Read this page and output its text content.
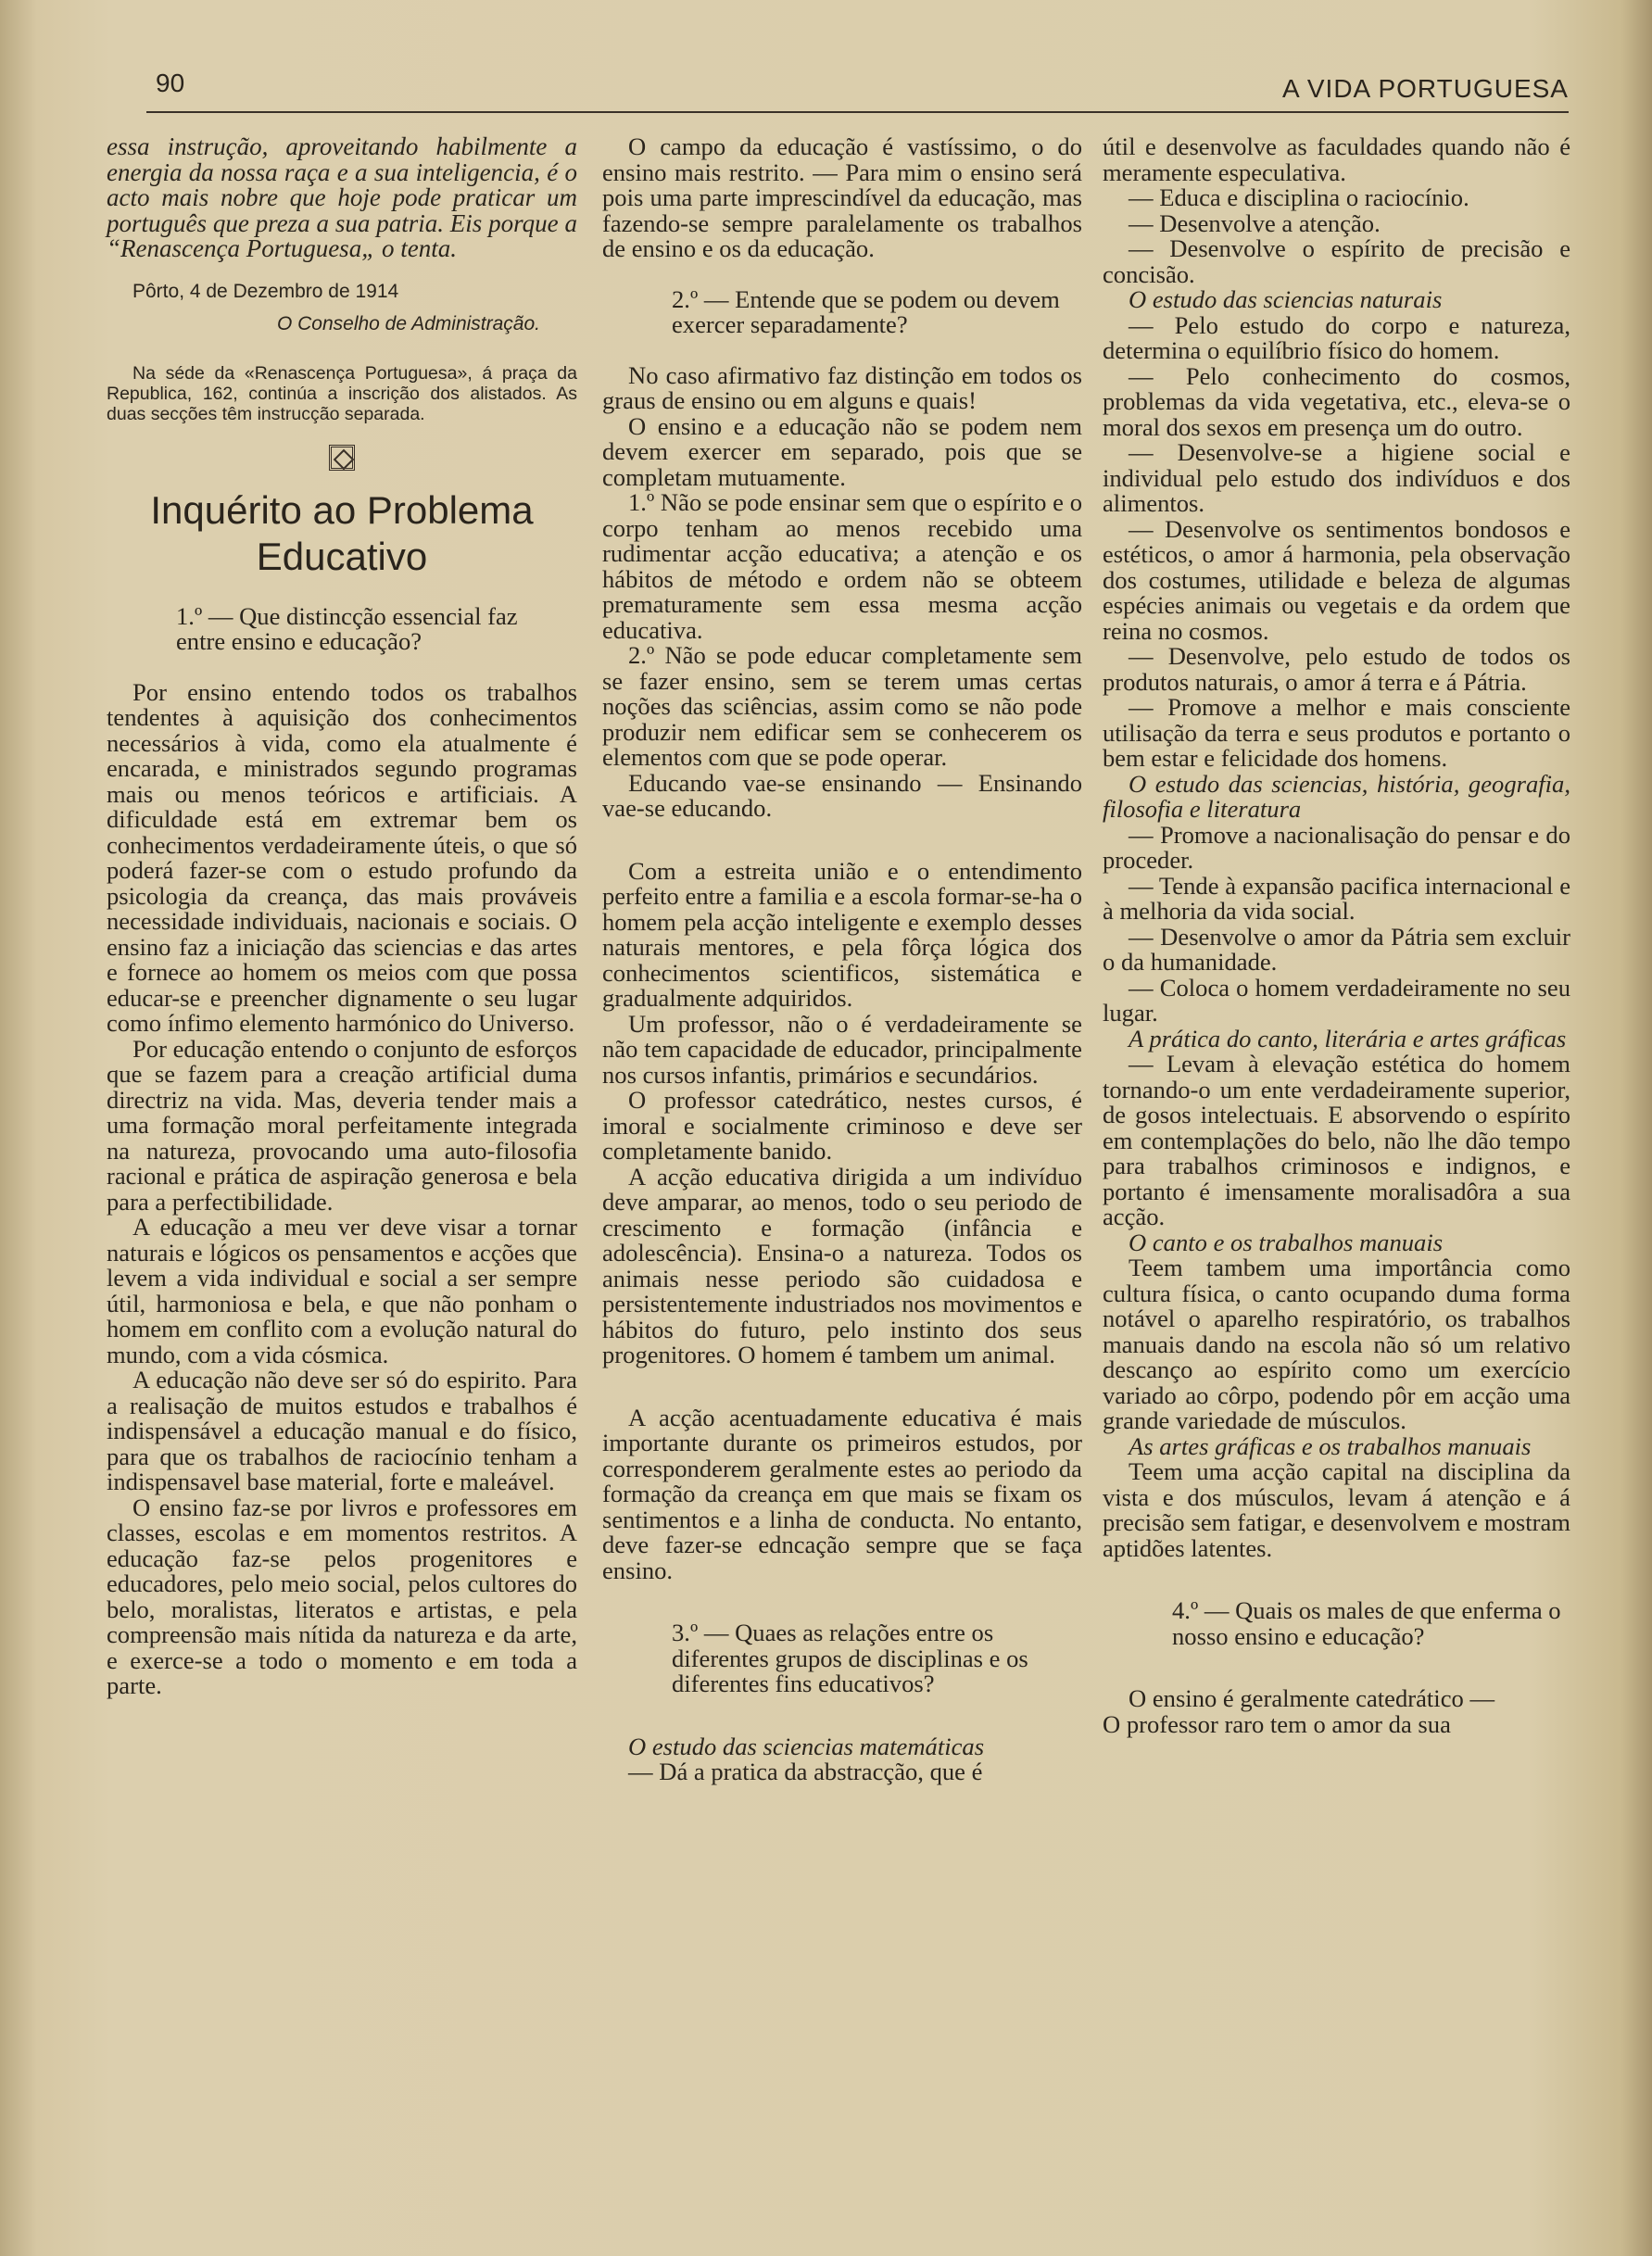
90	A VIDA PORTUGUESA

essa instrução, aproveitando habilmente a energia da nossa raça e a sua inteligencia, é o acto mais nobre que hoje pode praticar um português que preza a sua patria. Eis porque a “Renascença Portuguesa„ o tenta.

Pôrto, 4 de Dezembro de 1914

O Conselho de Administração.

Na séde da «Renascença Portuguesa», á praça da Republica, 162, continúa a inscrição dos alistados. As duas secções têm instrucção separada.

Inquérito ao Problema Educativo

1.º — Que distincção essencial faz entre ensino e educação?

Por ensino entendo todos os trabalhos tendentes à aquisição dos conhecimentos necessários à vida, como ela atualmente é encarada, e ministrados segundo programas mais ou menos teóricos e artificiais. A dificuldade está em extremar bem os conhecimentos verdadeiramente úteis, o que só poderá fazer-se com o estudo profundo da psicologia da creança, das mais prováveis necessidade individuais, nacionais e sociais. O ensino faz a iniciação das sciencias e das artes e fornece ao homem os meios com que possa educar-se e preencher dignamente o seu lugar como ínfimo elemento harmónico do Universo.

Por educação entendo o conjunto de esforços que se fazem para a creação artificial duma directriz na vida. Mas, deveria tender mais a uma formação moral perfeitamente integrada na natureza, provocando uma auto-filosofia racional e prática de aspiração generosa e bela para a perfectibilidade.

A educação a meu ver deve visar a tornar naturais e lógicos os pensamentos e acções que levem a vida individual e social a ser sempre útil, harmoniosa e bela, e que não ponham o homem em conflito com a evolução natural do mundo, com a vida cósmica.

A educação não deve ser só do espirito. Para a realisação de muitos estudos e trabalhos é indispensável a educação manual e do físico, para que os trabalhos de raciocínio tenham a indispensavel base material, forte e maleável.

O ensino faz-se por livros e professores em classes, escolas e em momentos restritos. A educação faz-se pelos progenitores e educadores, pelo meio social, pelos cultores do belo, moralistas, literatos e artistas, e pela compreensão mais nítida da natureza e da arte, e exerce-se a todo o momento e em toda a parte.

O campo da educação é vastíssimo, o do ensino mais restrito. — Para mim o ensino será pois uma parte imprescindível da educação, mas fazendo-se sempre paralelamente os trabalhos de ensino e os da educação.

2.º — Entende que se podem ou devem exercer separadamente?

No caso afirmativo faz distinção em todos os graus de ensino ou em alguns e quais!

O ensino e a educação não se podem nem devem exercer em separado, pois que se completam mutuamente.

1.º Não se pode ensinar sem que o espírito e o corpo tenham ao menos recebido uma rudimentar acção educativa; a atenção e os hábitos de método e ordem não se obteem prematuramente sem essa mesma acção educativa.

2.º Não se pode educar completamente sem se fazer ensino, sem se terem umas certas noções das sciências, assim como se não pode produzir nem edificar sem se conhecerem os elementos com que se pode operar.

Educando vae-se ensinando — Ensinando vae-se educando.

Com a estreita união e o entendimento perfeito entre a familia e a escola formar-se-ha o homem pela acção inteligente e exemplo desses naturais mentores, e pela fôrça lógica dos conhecimentos scientificos, sistemática e gradualmente adquiridos.

Um professor, não o é verdadeiramente se não tem capacidade de educador, principalmente nos cursos infantis, primários e secundários.

O professor catedrático, nestes cursos, é imoral e socialmente criminoso e deve ser completamente banido.

A acção educativa dirigida a um indivíduo deve amparar, ao menos, todo o seu periodo de crescimento e formação (infância e adolescência). Ensina-o a natureza. Todos os animais nesse periodo são cuidadosa e persistentemente industriados nos movimentos e hábitos do futuro, pelo instinto dos seus progenitores. O homem é tambem um animal.

A acção acentuadamente educativa é mais importante durante os primeiros estudos, por corresponderem geralmente estes ao periodo da formação da creança em que mais se fixam os sentimentos e a linha de conducta. No entanto, deve fazer-se edncação sempre que se faça ensino.

3.º — Quaes as relações entre os diferentes grupos de disciplinas e os diferentes fins educativos?

O estudo das sciencias matemáticas

— Dá a pratica da abstracção, que é

útil e desenvolve as faculdades quando não é meramente especulativa.

— Educa e disciplina o raciocínio.

— Desenvolve a atenção.

— Desenvolve o espírito de precisão e concisão.

O estudo das sciencias naturais

— Pelo estudo do corpo e natureza, determina o equilíbrio físico do homem.

— Pelo conhecimento do cosmos, problemas da vida vegetativa, etc., eleva-se o moral dos sexos em presença um do outro.

— Desenvolve-se a higiene social e individual pelo estudo dos indivíduos e dos alimentos.

— Desenvolve os sentimentos bondosos e estéticos, o amor á harmonia, pela observação dos costumes, utilidade e beleza de algumas espécies animais ou vegetais e da ordem que reina no cosmos.

— Desenvolve, pelo estudo de todos os produtos naturais, o amor á terra e á Pátria.

— Promove a melhor e mais consciente utilisação da terra e seus produtos e portanto o bem estar e felicidade dos homens.

O estudo das sciencias, história, geografia, filosofia e literatura

— Promove a nacionalisação do pensar e do proceder.

— Tende à expansão pacifica internacional e à melhoria da vida social.

— Desenvolve o amor da Pátria sem excluir o da humanidade.

— Coloca o homem verdadeiramente no seu lugar.

A prática do canto, literária e artes gráficas

— Levam à elevação estética do homem tornando-o um ente verdadeiramente superior, de gosos intelectuais. E absorvendo o espírito em contemplações do belo, não lhe dão tempo para trabalhos criminosos e indignos, e portanto é imensamente moralisadôra a sua acção.

O canto e os trabalhos manuais

Teem tambem uma importância como cultura física, o canto ocupando duma forma notável o aparelho respiratório, os trabalhos manuais dando na escola não só um relativo descanço ao espírito como um exercício variado ao côrpo, podendo pôr em acção uma grande variedade de músculos.

As artes gráficas e os trabalhos manuais

Teem uma acção capital na disciplina da vista e dos músculos, levam á atenção e á precisão sem fatigar, e desenvolvem e mostram aptidões latentes.

4.º — Quais os males de que enferma o nosso ensino e educação?

O ensino é geralmente catedrático —

O professor raro tem o amor da sua
